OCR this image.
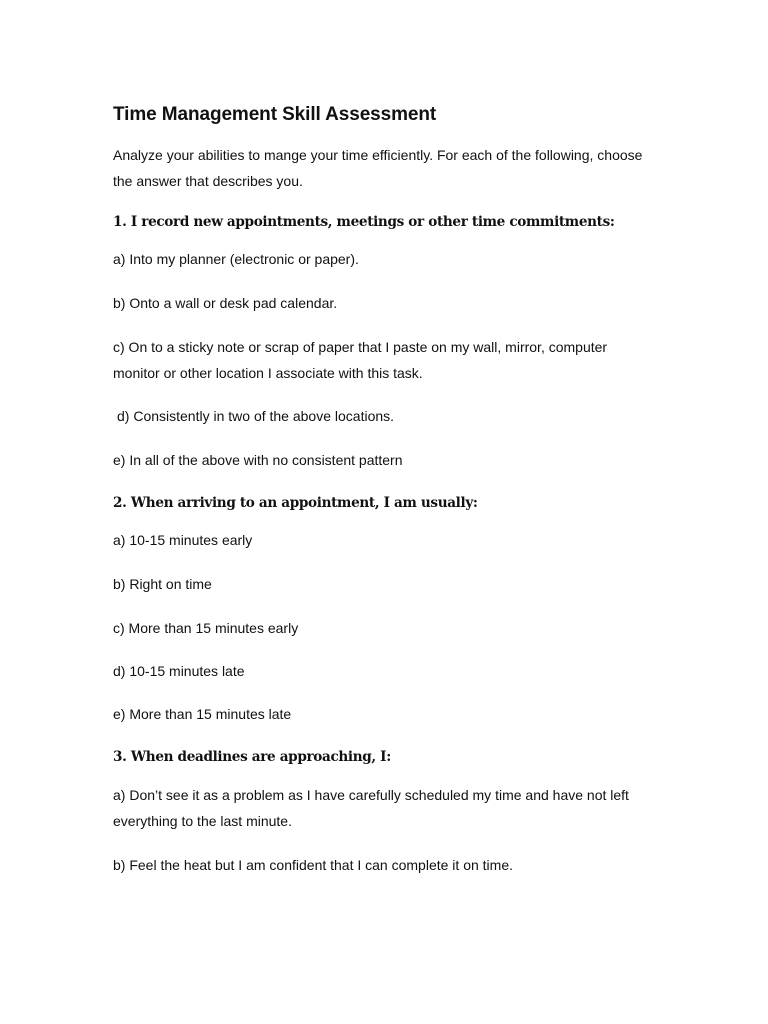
Time Management Skill Assessment
Analyze your abilities to mange your time efficiently. For each of the following, choose the answer that describes you.
1. I record new appointments, meetings or other time commitments:
a) Into my planner (electronic or paper).
b) Onto a wall or desk pad calendar.
c) On to a sticky note or scrap of paper that I paste on my wall, mirror, computer monitor or other location I associate with this task.
d) Consistently in two of the above locations.
e) In all of the above with no consistent pattern
2. When arriving to an appointment, I am usually:
a) 10-15 minutes early
b) Right on time
c) More than 15 minutes early
d) 10-15 minutes late
e) More than 15 minutes late
3. When deadlines are approaching, I:
a) Don’t see it as a problem as I have carefully scheduled my time and have not left everything to the last minute.
b) Feel the heat but I am confident that I can complete it on time.
